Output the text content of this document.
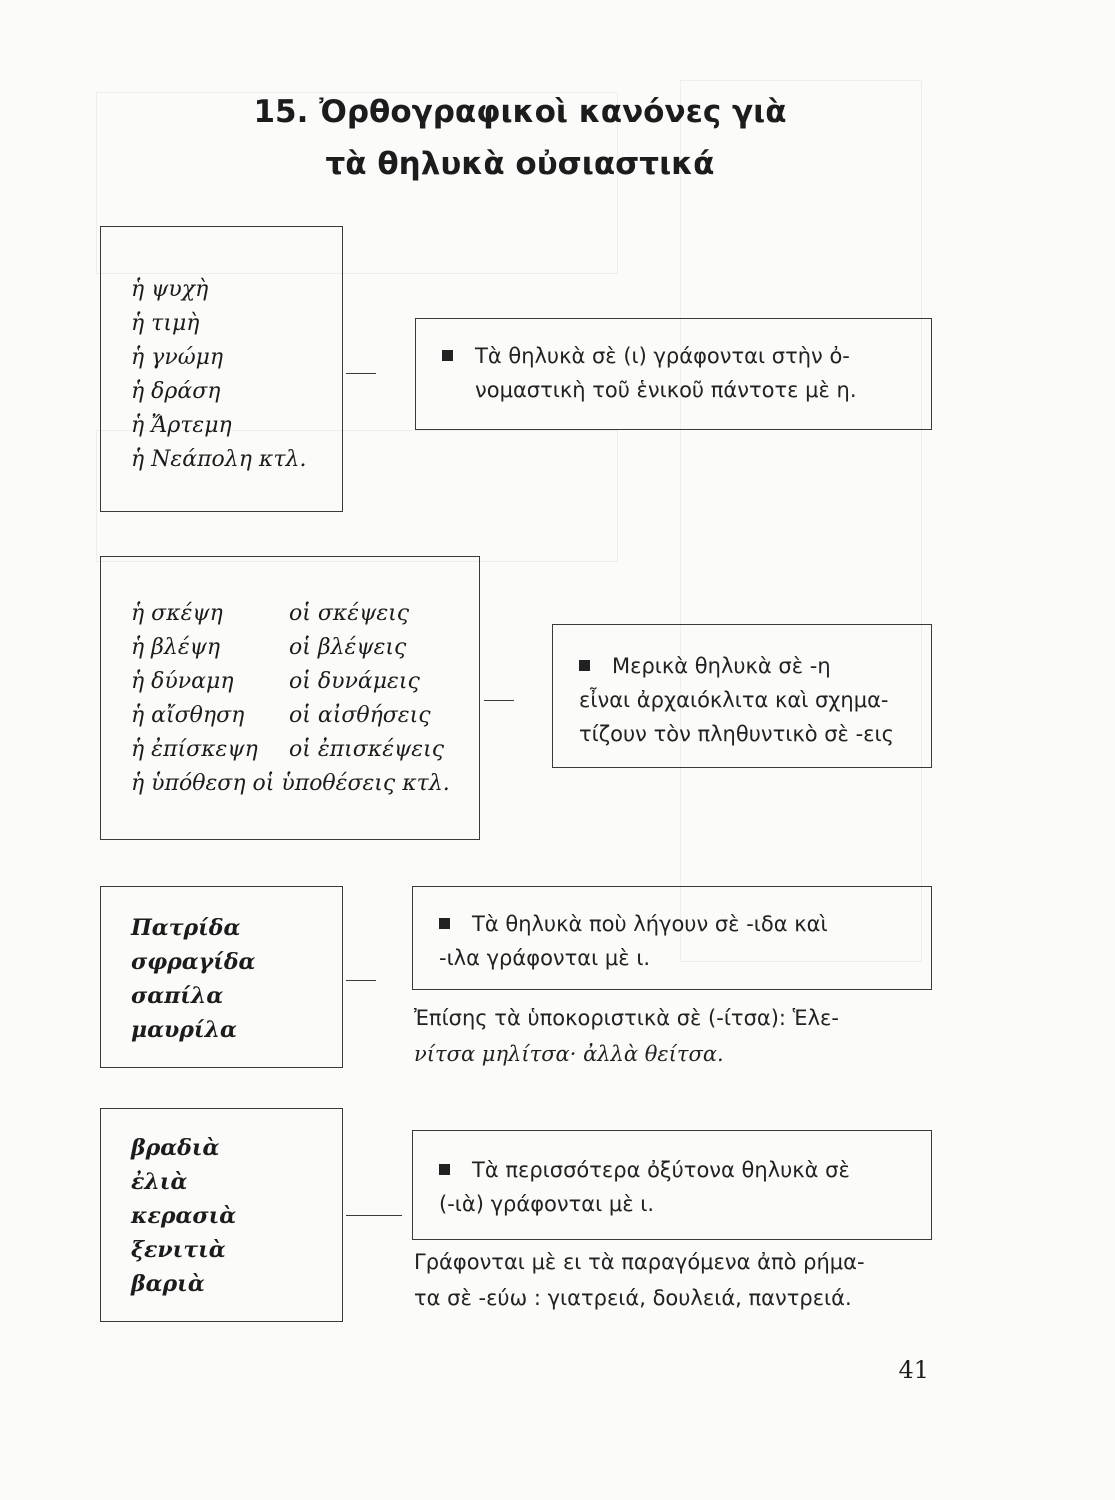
15. Ὀρθογραφικοὶ κανόνες γιὰ
τὰ θηλυκὰ οὐσιαστικά
ἡ ψυχὴ
ἡ τιμὴ
ἡ γνώμη
ἡ δράση
ἡ Ἄρτεμη
ἡ Νεάπολη κτλ.
Τὰ θηλυκὰ σὲ (ι) γράφονται στὴν ὀ-
νομαστικὴ τοῦ ἑνικοῦ πάντοτε μὲ η.
ἡ σκέψη
ἡ βλέψη
ἡ δύναμη
ἡ αἴσθηση
ἡ ἐπίσκεψη
ἡ ὑπόθεση οἱ ὑποθέσεις κτλ.
οἱ σκέψεις
οἱ βλέψεις
οἱ δυνάμεις
οἱ αἰσθήσεις
οἱ ἐπισκέψεις
Μερικὰ θηλυκὰ σὲ -η
εἶναι ἀρχαιόκλιτα καὶ σχημα-
τίζουν τὸν πληθυντικὸ σὲ -εις
Πατρίδα
σφραγίδα
σαπίλα
μαυρίλα
Τὰ θηλυκὰ ποὺ λήγουν σὲ -ιδα καὶ
-ιλα γράφονται μὲ ι.
Ἐπίσης τὰ ὑποκοριστικὰ σὲ (-ίτσα): Ἑλε-
νίτσα μηλίτσα· ἀλλὰ θείτσα.
βραδιὰ
ἐλιὰ
κερασιὰ
ξενιτιὰ
βαριὰ
Τὰ περισσότερα ὀξύτονα θηλυκὰ σὲ
(-ιὰ) γράφονται μὲ ι.
Γράφονται μὲ ει τὰ παραγόμενα ἀπὸ ρήμα-
τα σὲ -εύω : γιατρειά, δουλειά, παντρειά.
41
